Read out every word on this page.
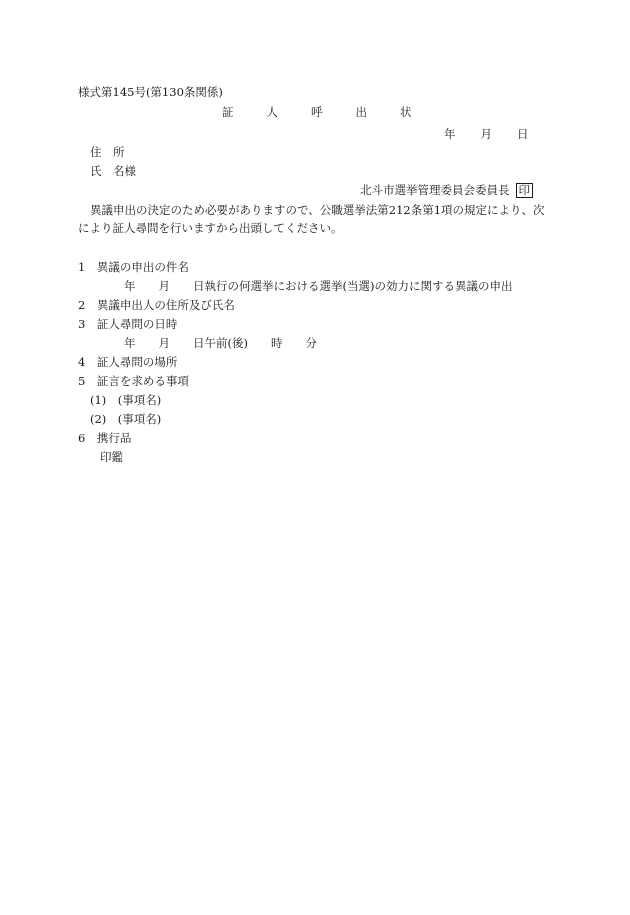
様式第145号(第130条関係)
証	人	呼	出	状
年 月 日
住　所
氏　名様
北斗市選挙管理委員会委員長 印
異議申出の決定のため必要がありますので、公職選挙法第212条第1項の規定により、次
により証人尋問を行いますから出頭してください。
1　異議の申出の件名
年　　月　　日執行の何選挙における選挙(当選)の効力に関する異議の申出
2　異議申出人の住所及び氏名
3　証人尋問の日時
年　　月　　日午前(後)　　時　　分
4　証人尋問の場所
5　証言を求める事項
(1)　(事項名)
(2)　(事項名)
6　携行品
印鑑
